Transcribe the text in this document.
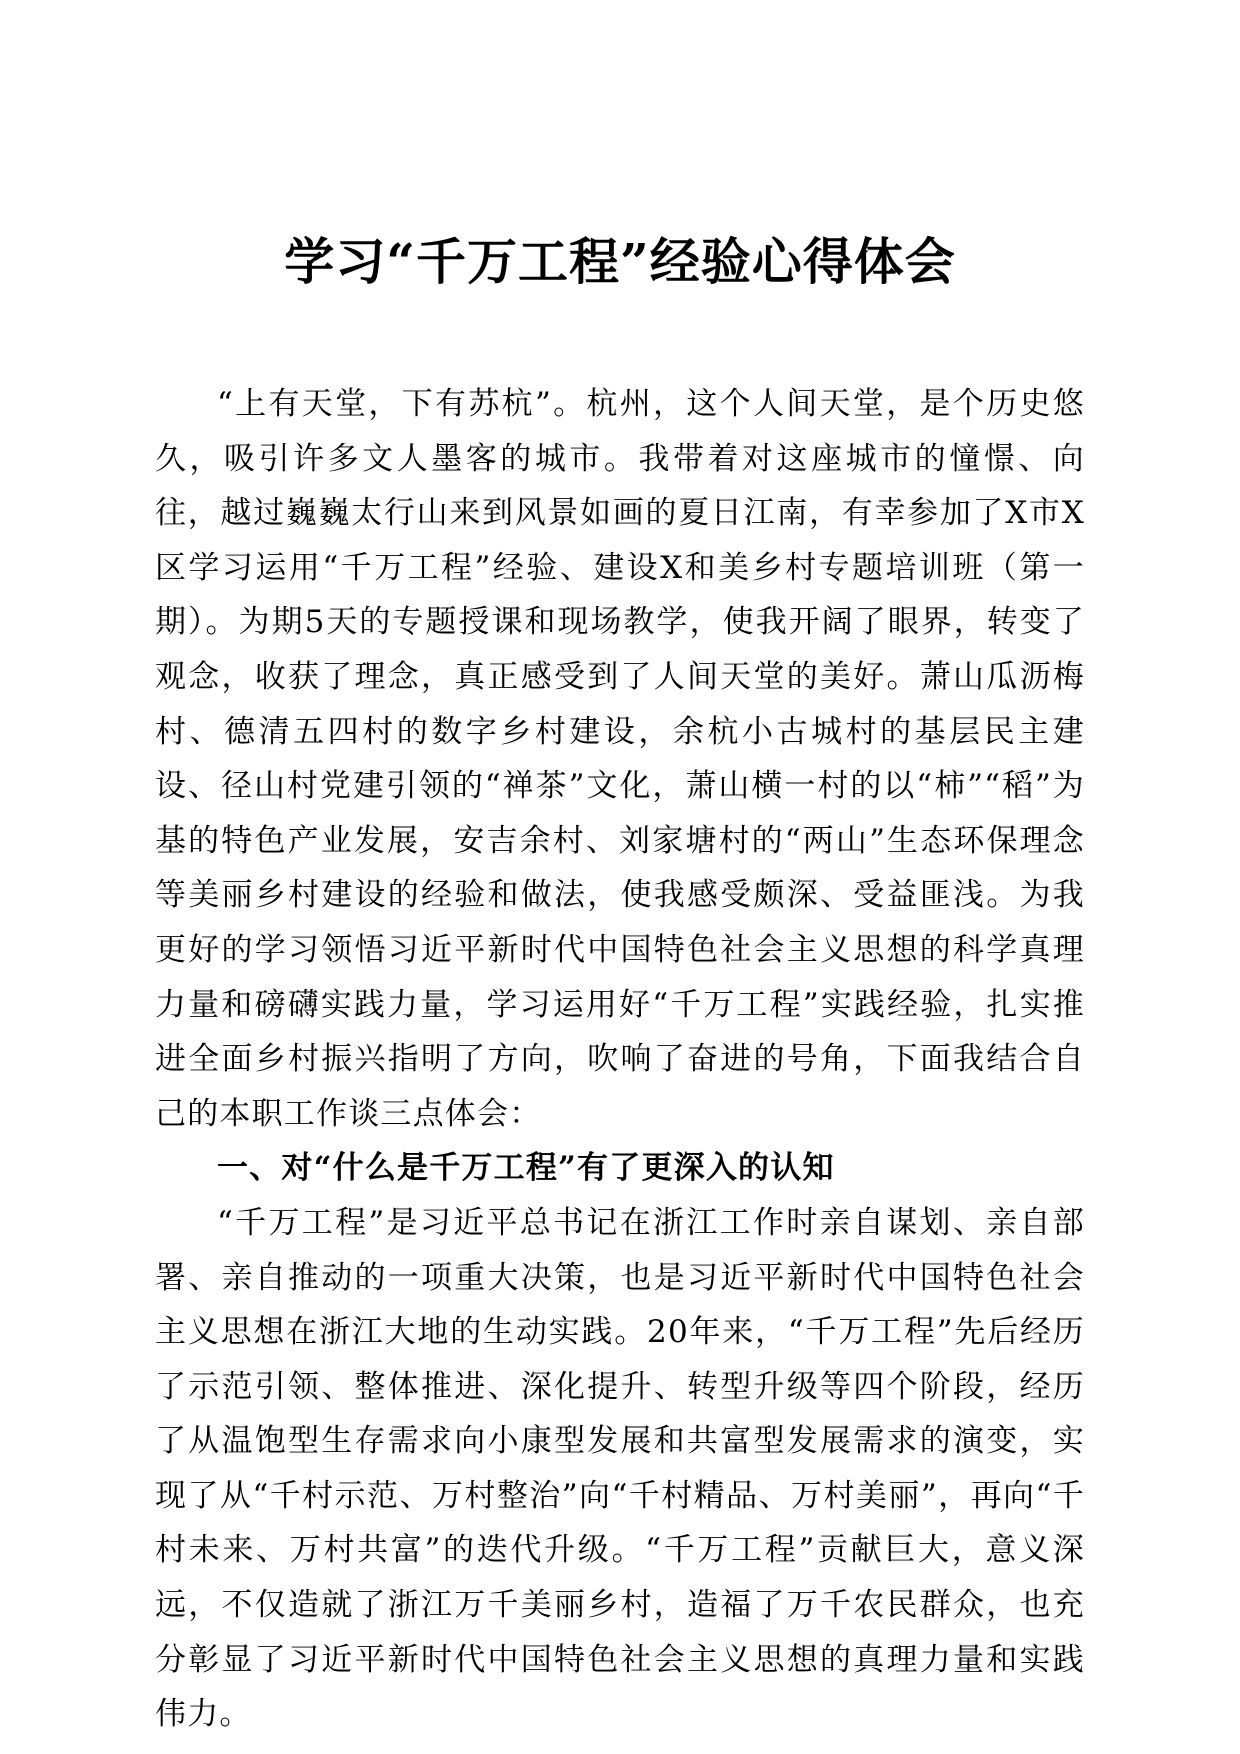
学习“千万工程”经验心得体会

“上有天堂，下有苏杭”。杭州，这个人间天堂，是个历史悠久，吸引许多文人墨客的城市。我带着对这座城市的憧憬、向往，越过巍巍太行山来到风景如画的夏日江南，有幸参加了X市X区学习运用“千万工程”经验、建设X和美乡村专题培训班（第一期）。为期5天的专题授课和现场教学，使我开阔了眼界，转变了观念，收获了理念，真正感受到了人间天堂的美好。萧山瓜沥梅村、德清五四村的数字乡村建设，余杭小古城村的基层民主建设、径山村党建引领的“禅茶”文化，萧山横一村的以“柿”“稻”为基的特色产业发展，安吉余村、刘家塘村的“两山”生态环保理念等美丽乡村建设的经验和做法，使我感受颇深、受益匪浅。为我更好的学习领悟习近平新时代中国特色社会主义思想的科学真理力量和磅礴实践力量，学习运用好“千万工程”实践经验，扎实推进全面乡村振兴指明了方向，吹响了奋进的号角，下面我结合自己的本职工作谈三点体会：

一、对“什么是千万工程”有了更深入的认知

“千万工程”是习近平总书记在浙江工作时亲自谋划、亲自部署、亲自推动的一项重大决策，也是习近平新时代中国特色社会主义思想在浙江大地的生动实践。20年来，“千万工程”先后经历了示范引领、整体推进、深化提升、转型升级等四个阶段，经历了从温饱型生存需求向小康型发展和共富型发展需求的演变，实现了从“千村示范、万村整治”向“千村精品、万村美丽”，再向“千村未来、万村共富”的迭代升级。“千万工程”贡献巨大，意义深远，不仅造就了浙江万千美丽乡村，造福了万千农民群众，也充分彰显了习近平新时代中国特色社会主义思想的真理力量和实践伟力。
